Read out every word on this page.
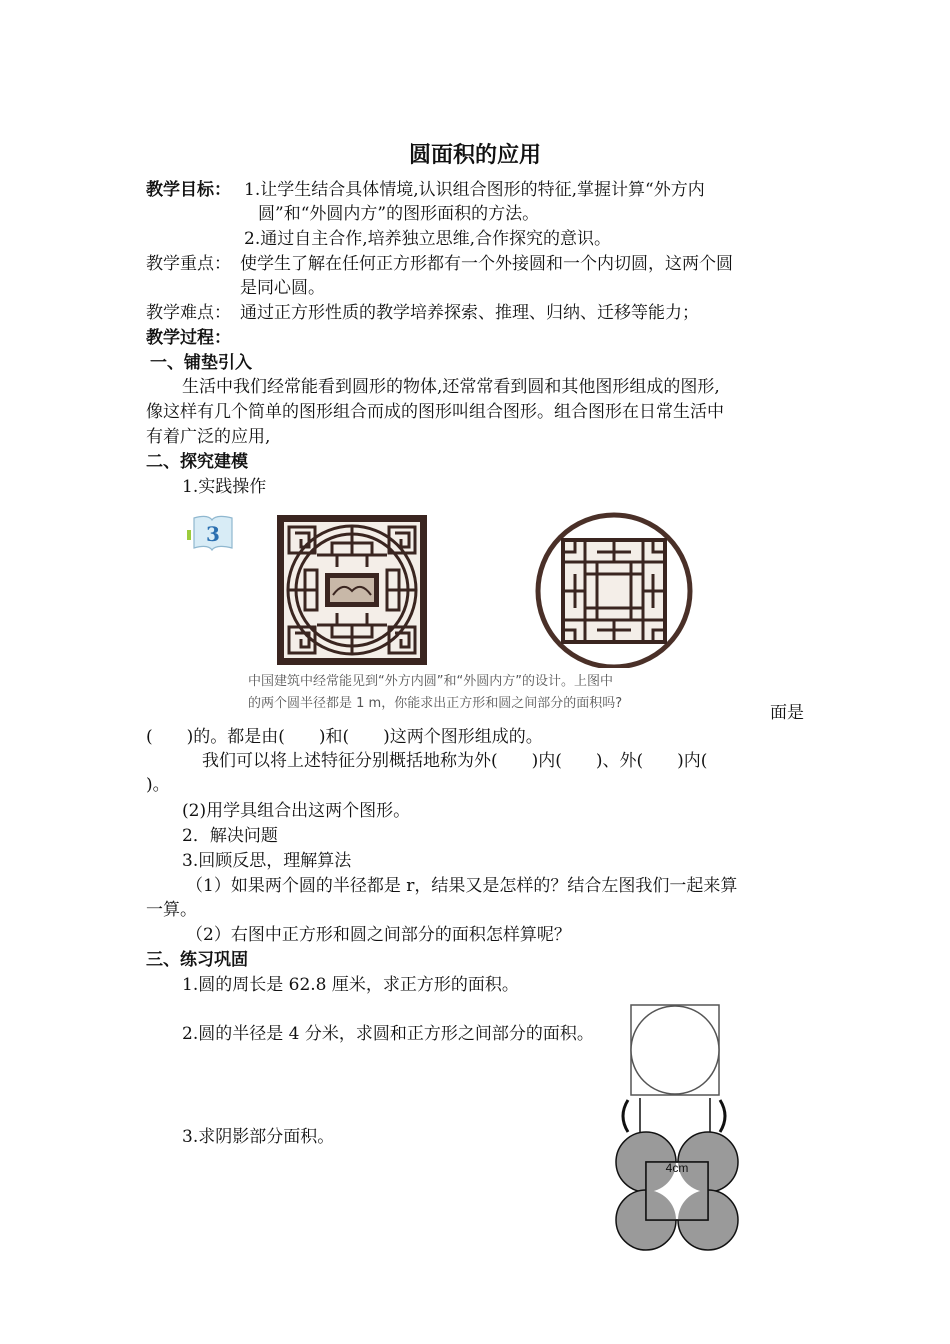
圆面积的应用
教学目标： 1.让学生结合具体情境,认识组合图形的特征,掌握计算“外方内
圆”和“外圆内方”的图形面积的方法。
2.通过自主合作,培养独立思维,合作探究的意识。
教学重点： 使学生了解在任何正方形都有一个外接圆和一个内切圆，这两个圆
是同心圆。
教学难点： 通过正方形性质的教学培养探索、推理、归纳、迁移等能力；
教学过程：
一、铺垫引入
生活中我们经常能看到圆形的物体,还常常看到圆和其他图形组成的图形,
像这样有几个简单的图形组合而成的图形叫组合图形。组合图形在日常生活中
有着广泛的应用,
二、探究建模
1.实践操作
3
中国建筑中经常能见到“外方内圆”和“外圆内方”的设计。上图中
的两个圆半径都是 1 m，你能求出正方形和圆之间部分的面积吗?	面是
(　　)的。都是由(　　)和(　　)这两个图形组成的。
我们可以将上述特征分别概括地称为外(　　)内(　　)、外(　　)内(
)。
(2)用学具组合出这两个图形。
2．解决问题
3.回顾反思，理解算法
（1）如果两个圆的半径都是 r，结果又是怎样的？结合左图我们一起来算
一算。
（2）右图中正方形和圆之间部分的面积怎样算呢？
三、练习巩固
1.圆的周长是 62.8 厘米，求正方形的面积。
2.圆的半径是 4 分米，求圆和正方形之间部分的面积。
3.求阴影部分面积。
4cm
